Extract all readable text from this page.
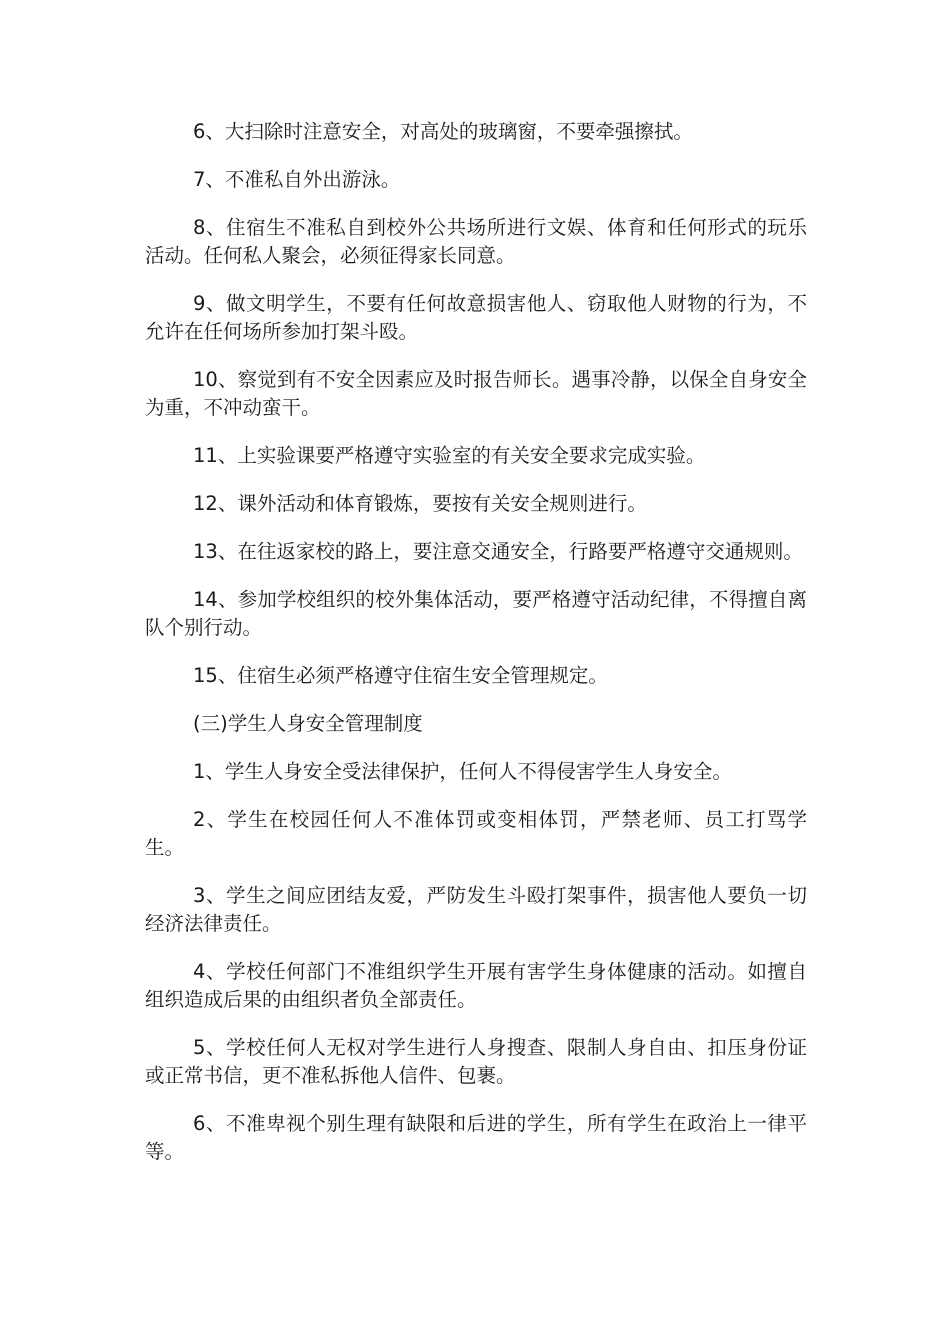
6、大扫除时注意安全，对高处的玻璃窗，不要牵强擦拭。

7、不准私自外出游泳。

8、住宿生不准私自到校外公共场所进行文娱、体育和任何形式的玩乐活动。任何私人聚会，必须征得家长同意。

9、做文明学生，不要有任何故意损害他人、窃取他人财物的行为，不允许在任何场所参加打架斗殴。

10、察觉到有不安全因素应及时报告师长。遇事冷静，以保全自身安全为重，不冲动蛮干。

11、上实验课要严格遵守实验室的有关安全要求完成实验。

12、课外活动和体育锻炼，要按有关安全规则进行。

13、在往返家校的路上，要注意交通安全，行路要严格遵守交通规则。

14、参加学校组织的校外集体活动，要严格遵守活动纪律，不得擅自离队个别行动。

15、住宿生必须严格遵守住宿生安全管理规定。

(三)学生人身安全管理制度

1、学生人身安全受法律保护，任何人不得侵害学生人身安全。

2、学生在校园任何人不准体罚或变相体罚，严禁老师、员工打骂学生。

3、学生之间应团结友爱，严防发生斗殴打架事件，损害他人要负一切经济法律责任。

4、学校任何部门不准组织学生开展有害学生身体健康的活动。如擅自组织造成后果的由组织者负全部责任。

5、学校任何人无权对学生进行人身搜查、限制人身自由、扣压身份证或正常书信，更不准私拆他人信件、包裹。

6、不准卑视个别生理有缺限和后进的学生，所有学生在政治上一律平等。
